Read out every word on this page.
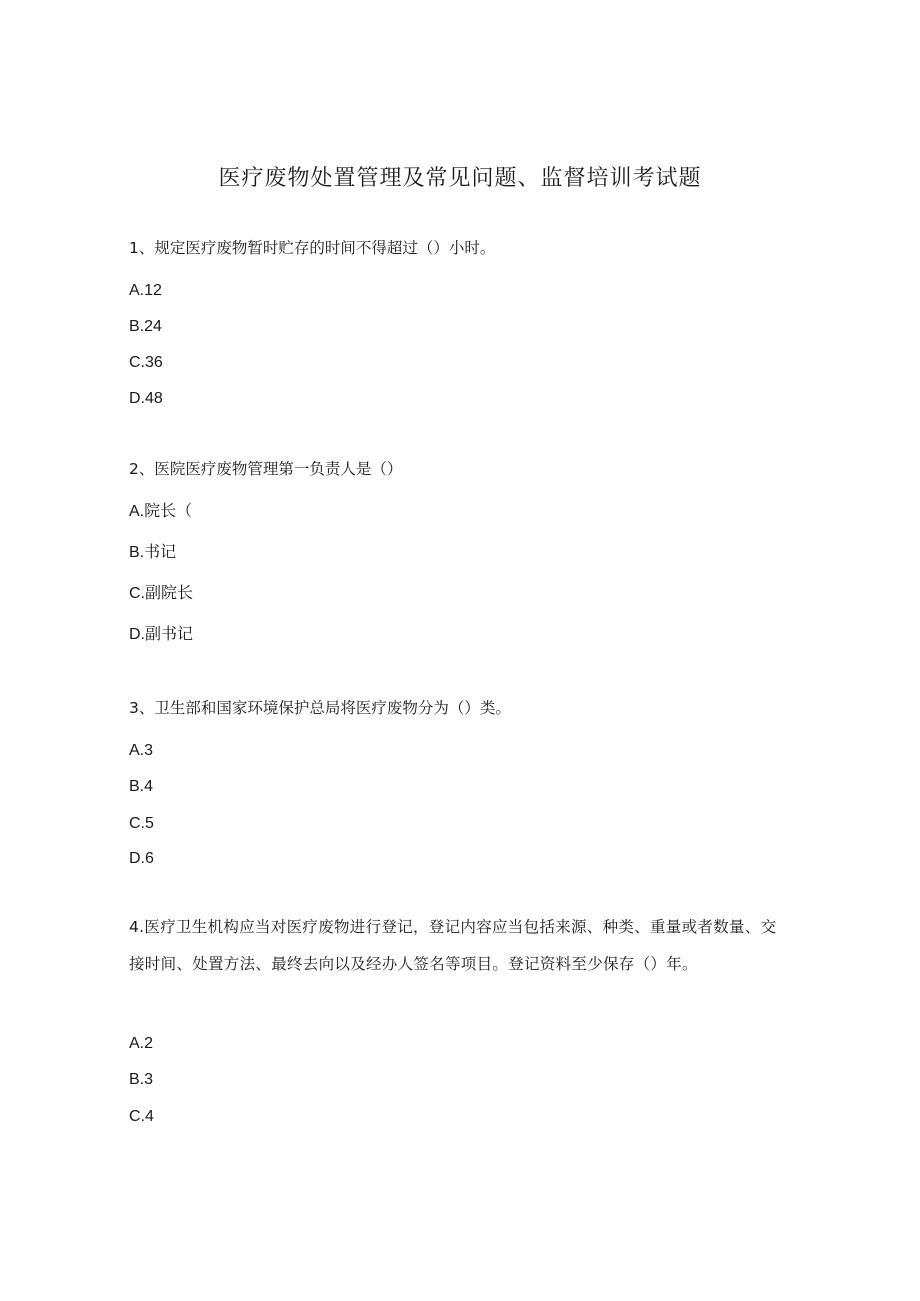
医疗废物处置管理及常见问题、监督培训考试题
1、规定医疗废物暂时贮存的时间不得超过（）小时。
A.12
B.24
C.36
D.48
2、医院医疗废物管理第一负责人是（）
A.院长（
B.书记
C.副院长
D.副书记
3、卫生部和国家环境保护总局将医疗废物分为（）类。
A.3
B.4
C.5
D.6
4.医疗卫生机构应当对医疗废物进行登记，登记内容应当包括来源、种类、重量或者数量、交接时间、处置方法、最终去向以及经办人签名等项目。登记资料至少保存（）年。
A.2
B.3
C.4
